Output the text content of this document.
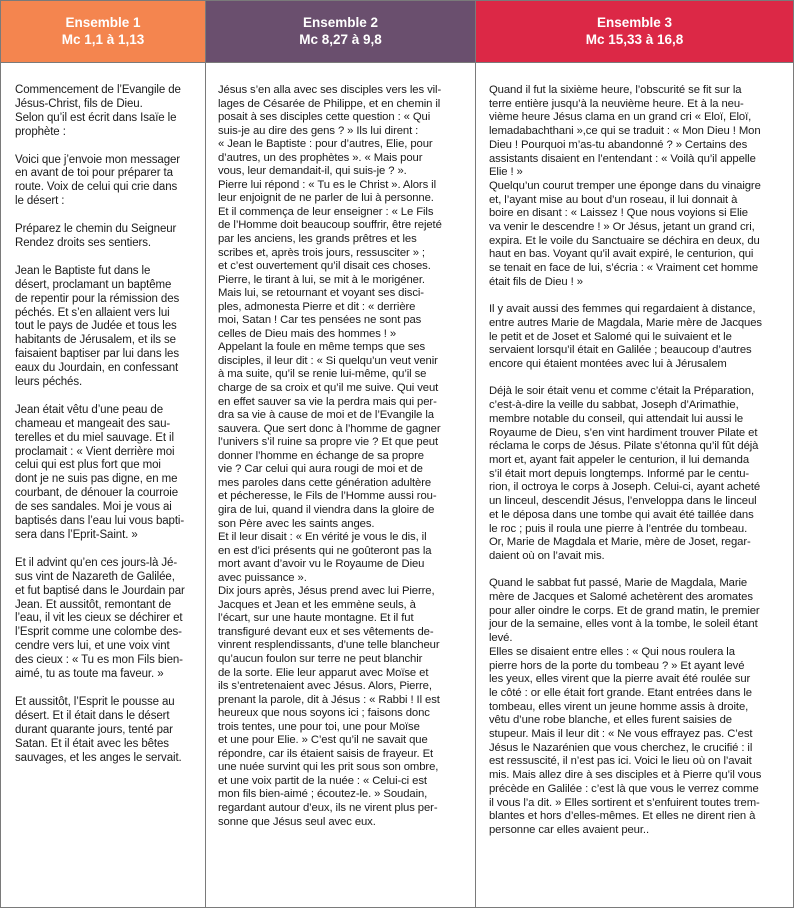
Ensemble 1
Mc 1,1 à 1,13
Commencement de l’Evangile de
Jésus-Christ, fils de Dieu.
Selon qu’il est écrit dans Isaïe le
prophète :

Voici que j’envoie mon messager
en avant de toi pour préparer ta
route. Voix de celui qui crie dans
le désert :

Préparez le chemin du Seigneur
Rendez droits ses sentiers.

Jean le Baptiste fut dans le
désert, proclamant un baptême
de repentir pour la rémission des
péchés. Et s’en allaient vers lui
tout le pays de Judée et tous les
habitants de Jérusalem, et ils se
faisaient baptiser par lui dans les
eaux du Jourdain, en confessant
leurs péchés.

Jean était vêtu d’une peau de
chameau et mangeait des sau-
terelles et du miel sauvage. Et il
proclamait : « Vient derrière moi
celui qui est plus fort que moi
dont je ne suis pas digne, en me
courbant, de dénouer la courroie
de ses sandales. Moi je vous ai
baptisés dans l’eau lui vous bapti-
sera dans l’Eprit-Saint. »

Et il advint qu’en ces jours-là Jé-
sus vint de Nazareth de Galilée,
et fut baptisé dans le Jourdain par
Jean. Et aussitôt, remontant de
l’eau, il vit les cieux se déchirer et
l’Esprit comme une colombe des-
cendre vers lui, et une voix vint
des cieux : « Tu es mon Fils bien-
aimé, tu as toute ma faveur. »

Et aussitôt, l’Esprit le pousse au
désert. Et il était dans le désert
durant quarante jours, tenté par
Satan. Et il était avec les bêtes
sauvages, et les anges le servait.
Ensemble 2
Mc 8,27 à 9,8
Jésus s’en alla avec ses disciples vers les vil-
lages de Césarée de Philippe, et en chemin il
posait à ses disciples cette question : « Qui
suis-je au dire des gens ? » Ils lui dirent :
« Jean le Baptiste : pour d’autres, Elie, pour
d’autres, un des prophètes ». « Mais pour
vous, leur demandait-il, qui suis-je ? ».
Pierre lui répond : « Tu es le Christ ». Alors il
leur enjoignit de ne parler de lui à personne.
Et il commença de leur enseigner : « Le Fils
de l’Homme doit beaucoup souffrir, être rejeté
par les anciens, les grands prêtres et les
scribes et, après trois jours, ressusciter » ;
et c’est ouvertement qu’il disait ces choses.
Pierre, le tirant à lui, se mit à le morigéner.
Mais lui, se retournant et voyant ses disci-
ples, admonesta Pierre et dit : « derrière
moi, Satan ! Car tes pensées ne sont pas
celles de Dieu mais des hommes ! »
Appelant la foule en même temps que ses
disciples, il leur dit : « Si quelqu’un veut venir
à ma suite, qu’il se renie lui-même, qu’il se
charge de sa croix et qu’il me suive. Qui veut
en effet sauver sa vie la perdra mais qui per-
dra sa vie à cause de moi et de l’Evangile la
sauvera. Que sert donc à l’homme de gagner
l’univers s’il ruine sa propre vie ? Et que peut
donner l’homme en échange de sa propre
vie ? Car celui qui aura rougi de moi et de
mes paroles dans cette génération adultère
et pécheresse, le Fils de l’Homme aussi rou-
gira de lui, quand il viendra dans la gloire de
son Père avec les saints anges.
Et il leur disait : « En vérité je vous le dis, il
en est d’ici présents qui ne goûteront pas la
mort avant d’avoir vu le Royaume de Dieu
avec puissance ».
Dix jours après, Jésus prend avec lui Pierre,
Jacques et Jean et les emmène seuls, à
l’écart, sur une haute montagne. Et il fut
transfiguré devant eux et ses vêtements de-
vinrent resplendissants, d’une telle blancheur
qu’aucun foulon sur terre ne peut blanchir
de la sorte. Elie leur apparut avec Moïse et
ils s’entretenaient avec Jésus. Alors, Pierre,
prenant la parole, dit à Jésus : « Rabbi ! Il est
heureux que nous soyons ici ; faisons donc
trois tentes, une pour toi, une pour Moïse
et une pour Elie. » C’est qu’il ne savait que
répondre, car ils étaient saisis de frayeur. Et
une nuée survint qui les prit sous son ombre,
et une voix partit de la nuée : « Celui-ci est
mon fils bien-aimé ; écoutez-le. » Soudain,
regardant autour d’eux, ils ne virent plus per-
sonne que Jésus seul avec eux.
Ensemble 3
Mc 15,33 à 16,8
Quand il fut la sixième heure, l’obscurité se fit sur la
terre entière jusqu’à la neuvième heure. Et à la neu-
vième heure Jésus clama en un grand cri « Eloï, Eloï,
lemadabachthani »,ce qui se traduit : « Mon Dieu ! Mon
Dieu ! Pourquoi m’as-tu abandonné ? » Certains des
assistants disaient en l’entendant : « Voilà qu’il appelle
Elie ! »
Quelqu’un courut tremper une éponge dans du vinaigre
et, l’ayant mise au bout d’un roseau, il lui donnait à
boire en disant : « Laissez ! Que nous voyions si Elie
va venir le descendre ! » Or Jésus, jetant un grand cri,
expira. Et le voile du Sanctuaire se déchira en deux, du
haut en bas. Voyant qu’il avait expiré, le centurion, qui
se tenait en face de lui, s’écria : « Vraiment cet homme
était fils de Dieu ! »

Il y avait aussi des femmes qui regardaient à distance,
entre autres Marie de Magdala, Marie mère de Jacques
le petit et de Joset et Salomé qui le suivaient et le
servaient lorsqu’il était en Galilée ; beaucoup d’autres
encore qui étaient montées avec lui à Jérusalem

Déjà le soir était venu et comme c’était la Préparation,
c’est-à-dire la veille du sabbat, Joseph d’Arimathie,
membre notable du conseil, qui attendait lui aussi le
Royaume de Dieu, s’en vint hardiment trouver Pilate et
réclama le corps de Jésus. Pilate s’étonna qu’il fût déjà
mort et, ayant fait appeler le centurion, il lui demanda
s’il était mort depuis longtemps. Informé par le centu-
rion, il octroya le corps à Joseph. Celui-ci, ayant acheté
un linceul, descendit Jésus, l’enveloppa dans le linceul
et le déposa dans une tombe qui avait été taillée dans
le roc ; puis il roula une pierre à l’entrée du tombeau.
Or, Marie de Magdala et Marie, mère de Joset, regar-
daient où on l’avait mis.

Quand le sabbat fut passé, Marie de Magdala, Marie
mère de Jacques et Salomé achetèrent des aromates
pour aller oindre le corps. Et de grand matin, le premier
jour de la semaine, elles vont à la tombe, le soleil étant
levé.
Elles se disaient entre elles : « Qui nous roulera la
pierre hors de la porte du tombeau ? » Et ayant levé
les yeux, elles virent que la pierre avait été roulée sur
le côté : or elle était fort grande. Etant entrées dans le
tombeau, elles virent un jeune homme assis à droite,
vêtu d’une robe blanche, et elles furent saisies de
stupeur. Mais il leur dit : « Ne vous effrayez pas. C’est
Jésus le Nazarénien que vous cherchez, le crucifié : il
est ressuscité, il n’est pas ici. Voici le lieu où on l’avait
mis. Mais allez dire à ses disciples et à Pierre qu’il vous
précède en Galilée : c’est là que vous le verrez comme
il vous l’a dit. » Elles sortirent et s’enfuirent toutes trem-
blantes et hors d’elles-mêmes. Et elles ne dirent rien à
personne car elles avaient peur..
